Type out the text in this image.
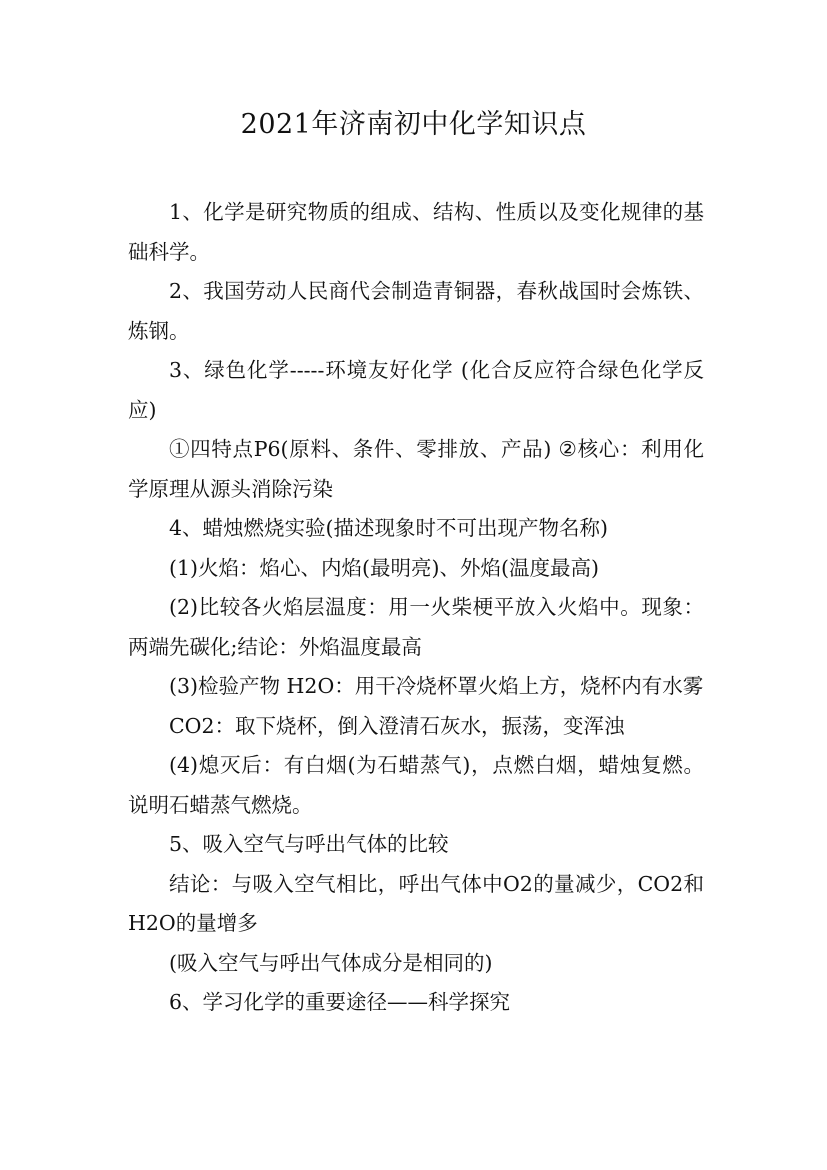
2021年济南初中化学知识点

1、化学是研究物质的组成、结构、性质以及变化规律的基础科学。

2、我国劳动人民商代会制造青铜器，春秋战国时会炼铁、炼钢。

3、绿色化学-----环境友好化学 (化合反应符合绿色化学反应)

①四特点P6(原料、条件、零排放、产品) ②核心：利用化学原理从源头消除污染

4、蜡烛燃烧实验(描述现象时不可出现产物名称)

(1)火焰：焰心、内焰(最明亮)、外焰(温度最高)

(2)比较各火焰层温度：用一火柴梗平放入火焰中。现象：两端先碳化;结论：外焰温度最高

(3)检验产物 H2O：用干冷烧杯罩火焰上方，烧杯内有水雾

CO2：取下烧杯，倒入澄清石灰水，振荡，变浑浊

(4)熄灭后：有白烟(为石蜡蒸气)，点燃白烟，蜡烛复燃。说明石蜡蒸气燃烧。

5、吸入空气与呼出气体的比较

结论：与吸入空气相比，呼出气体中O2的量减少，CO2和H2O的量增多

(吸入空气与呼出气体成分是相同的)

6、学习化学的重要途径——科学探究
